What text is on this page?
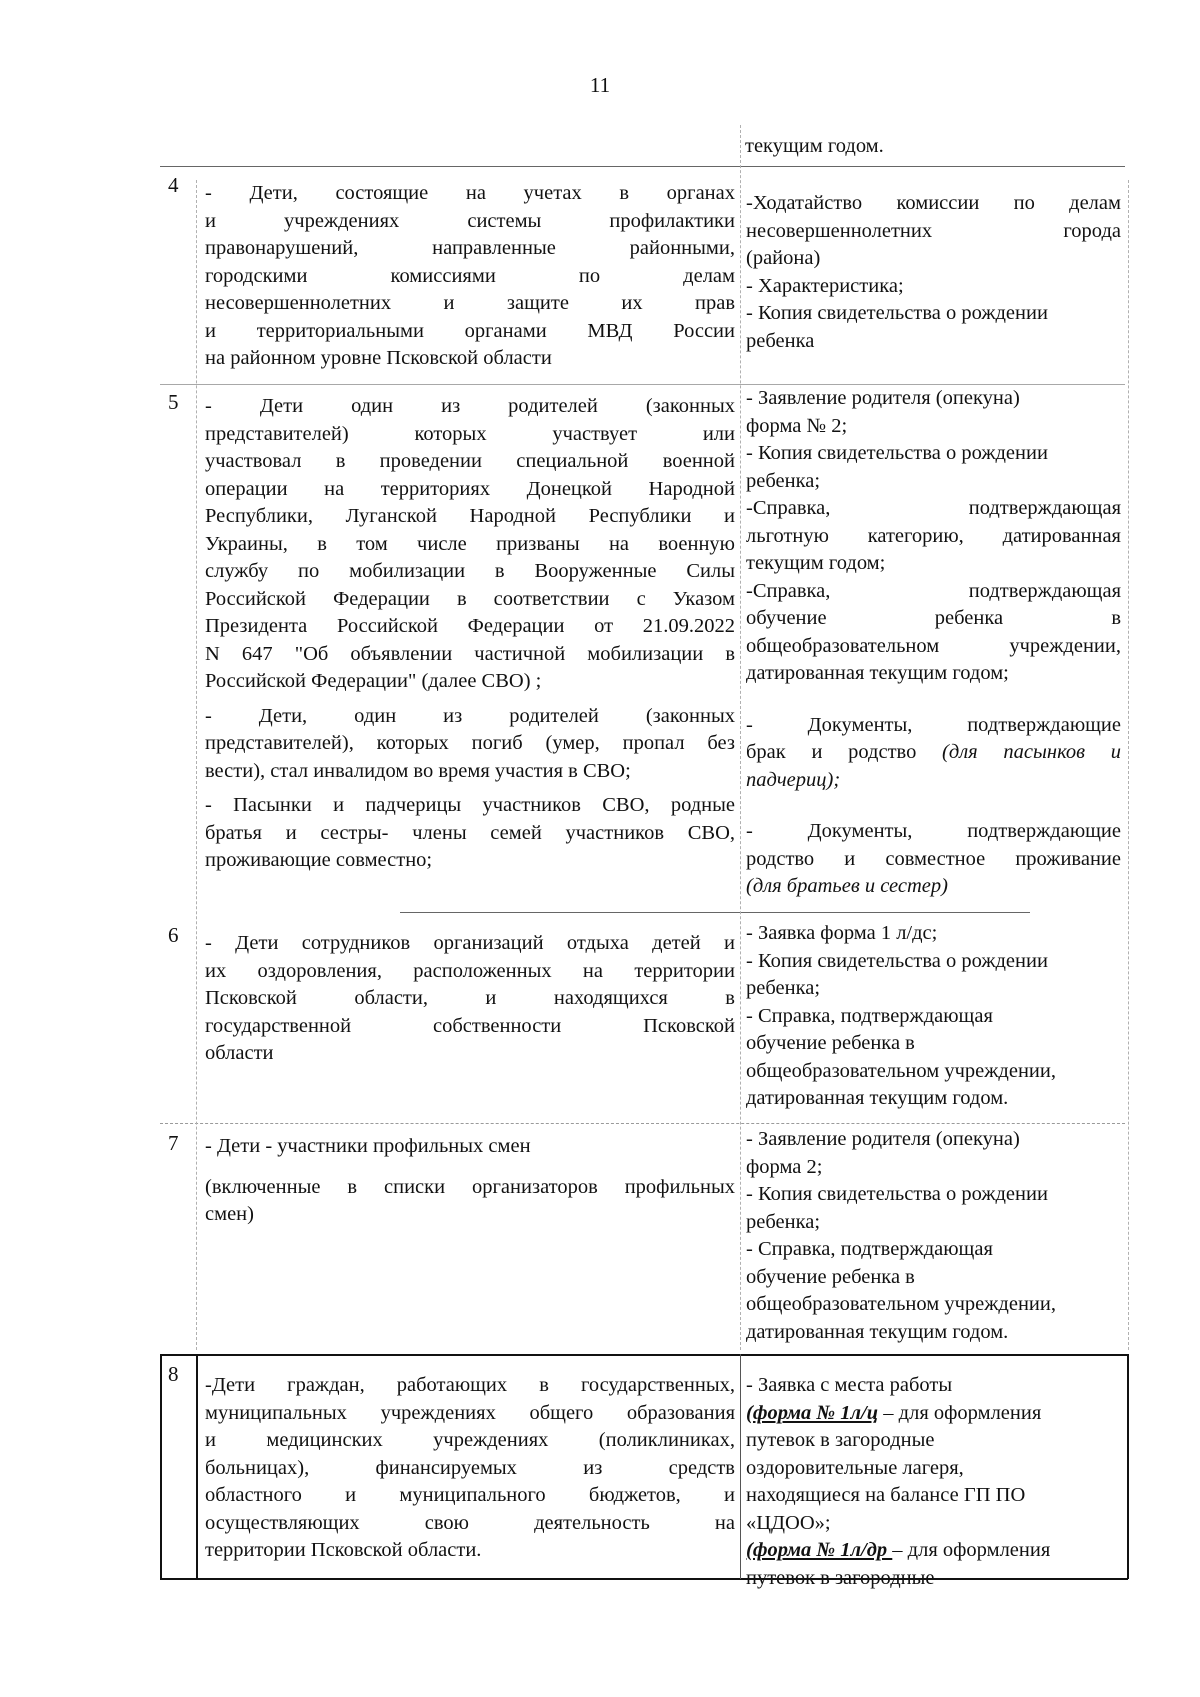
11
текущим годом.
4 - Дети, состоящие на учетах в органах
и учреждениях системы профилактики
правонарушений, направленные районными,
городскими комиссиями по делам
несовершеннолетних и защите их прав
и территориальными органами МВД России
на районном уровне Псковской области
-Ходатайство комиссии по делам
несовершеннолетних города
(района)
- Характеристика;
- Копия свидетельства о рождении
ребенка
5 - Дети один из родителей (законных
представителей) которых участвует или
участвовал в проведении специальной военной
операции на территориях Донецкой Народной
Республики, Луганской Народной Республики и
Украины, в том числе призваны на военную
службу по мобилизации в Вооруженные Силы
Российской Федерации в соответствии с Указом
Президента Российской Федерации от 21.09.2022
N 647 "Об объявлении частичной мобилизации в
Российской Федерации" (далее СВО) ;
- Дети, один из родителей (законных
представителей), которых погиб (умер, пропал без
вести), стал инвалидом во время участия в СВО;
- Пасынки и падчерицы участников СВО, родные
братья и сестры- члены семей участников СВО,
проживающие совместно;
- Заявление родителя (опекуна)
форма № 2;
- Копия свидетельства о рождении
ребенка;
-Справка, подтверждающая
льготную категорию, датированная
текущим годом;
-Справка, подтверждающая
обучение ребенка в
общеобразовательном учреждении,
датированная текущим годом;
- Документы, подтверждающие
брак и родство (для пасынков и
падчериц);
- Документы, подтверждающие
родство и совместное проживание
(для братьев и сестер)
6 - Дети сотрудников организаций отдыха детей и
их оздоровления, расположенных на территории
Псковской области, и находящихся в
государственной собственности Псковской
области
- Заявка форма 1 л/дс;
- Копия свидетельства о рождении
ребенка;
- Справка, подтверждающая
обучение ребенка в
общеобразовательном учреждении,
датированная текущим годом.
7 - Дети - участники профильных смен
(включенные в списки организаторов профильных
смен)
- Заявление родителя (опекуна)
форма 2;
- Копия свидетельства о рождении
ребенка;
- Справка, подтверждающая
обучение ребенка в
общеобразовательном учреждении,
датированная текущим годом.
8 -Дети граждан, работающих в государственных,
муниципальных учреждениях общего образования
и медицинских учреждениях (поликлиниках,
больницах), финансируемых из средств
областного и муниципального бюджетов, и
осуществляющих свою деятельность на
территории Псковской области.
- Заявка с места работы
(форма № 1л/ц – для оформления
путевок в загородные
оздоровительные лагеря,
находящиеся на балансе ГП ПО
«ЦДОО»;
(форма № 1л/др – для оформления
путевок в загородные
